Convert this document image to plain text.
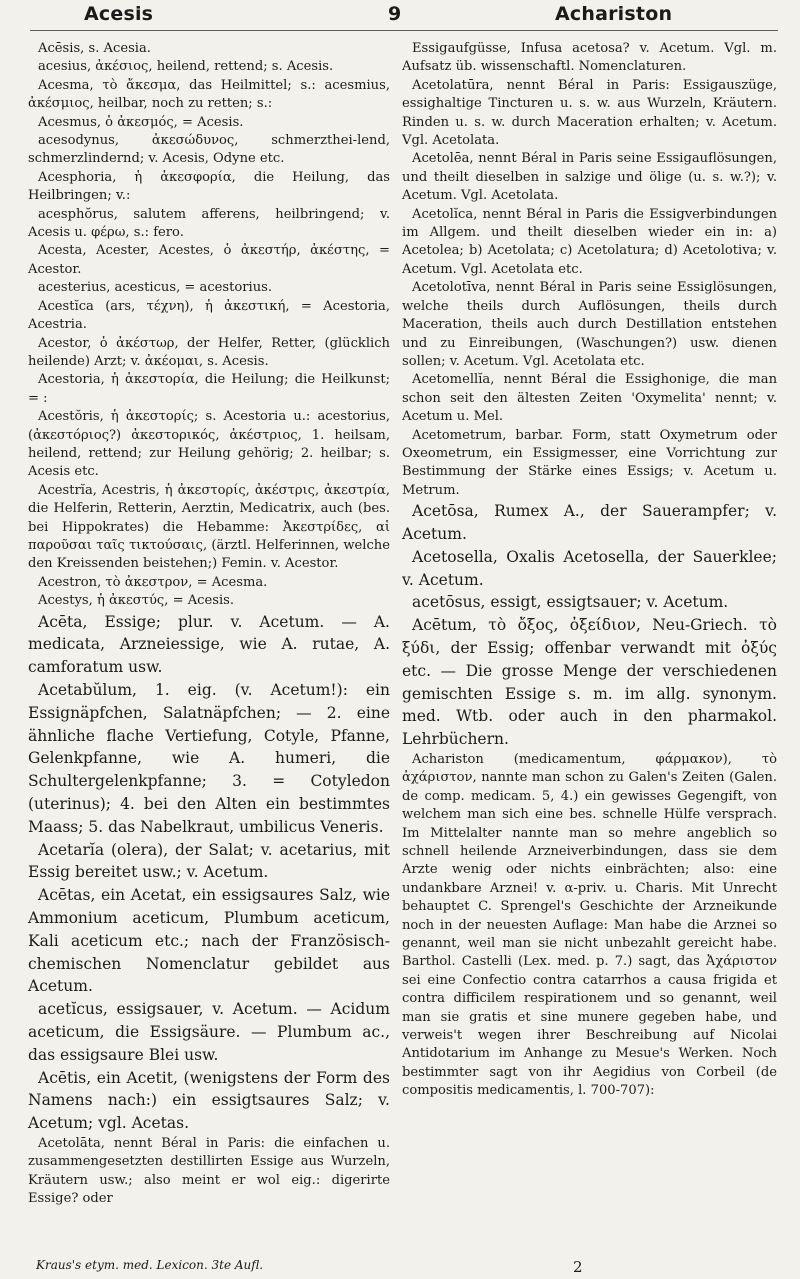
Acesis	9	Achariston

Acēsis, s. Acesia.

acesius, ἀκέσιος, heilend, rettend; s. Acesis.

Acesma, τὸ ἄκεσμα, das Heilmittel; s.: acesmius, ἀκέσμιος, heilbar, noch zu retten; s.:

Acesmus, ὁ ἀκεσμός, = Acesis.

acesodynus, ἀκεσώδυνος, schmerzthei-lend, schmerzlindernd; v. Acesis, Odyne etc.

Acesphoria, ἡ ἀκεσφορία, die Heilung, das Heilbringen; v.:

acesphŏrus, salutem afferens, heilbringend; v. Acesis u. φέρω, s.: fero.

Acesta, Acester, Acestes, ὁ ἀκεστήρ, ἀκέστης, = Acestor.

acesterius, acesticus, = acestorius.

Acestĭca (ars, τέχνη), ἡ ἀκεστική, = Acestoria, Acestria.

Acestor, ὁ ἀκέστωρ, der Helfer, Retter, (glücklich heilende) Arzt; v. ἀκέομαι, s. Acesis.

Acestoria, ἡ ἀκεστορία, die Heilung; die Heilkunst; = :

Acestŏris, ἡ ἀκεστορίς; s. Acestoria u.: acestorius, (ἀκεστόριος?) ἀκεστορικός, ἀκέστριος, 1. heilsam, heilend, rettend; zur Heilung gehörig; 2. heilbar; s. Acesis etc.

Acestrĭa, Acestris, ἡ ἀκεστορίς, ἀκέστρις, ἀκεστρία, die Helferin, Retterin, Aerztin, Medicatrix, auch (bes. bei Hippokrates) die Hebamme: Ἀκεστρίδες, αἱ παροῦσαι ταῖς τικτούσαις, (ärztl. Helferinnen, welche den Kreissenden beistehen;) Femin. v. Acestor.

Acestron, τὸ ἀκεστρον, = Acesma.

Acestys, ἡ ἀκεστύς, = Acesis.

Acēta, Essige; plur. v. Acetum. — A. medicata, Arzneiessige, wie A. rutae, A. camforatum usw.

Acetabŭlum, 1. eig. (v. Acetum!): ein Essignäpfchen, Salatnäpfchen; — 2. eine ähnliche flache Vertiefung, Cotyle, Pfanne, Gelenkpfanne, wie A. humeri, die Schultergelenkpfanne; 3. = Cotyledon (uterinus); 4. bei den Alten ein bestimmtes Maass; 5. das Nabelkraut, umbilicus Veneris.

Acetarĭa (olera), der Salat; v. acetarius, mit Essig bereitet usw.; v. Acetum.

Acētas, ein Acetat, ein essigsaures Salz, wie Ammonium aceticum, Plumbum aceticum, Kali aceticum etc.; nach der Französisch-chemischen Nomenclatur gebildet aus Acetum.

acetĭcus, essigsauer, v. Acetum. — Acidum aceticum, die Essigsäure. — Plumbum ac., das essigsaure Blei usw.

Acētis, ein Acetit, (wenigstens der Form des Namens nach:) ein essigtsaures Salz; v. Acetum; vgl. Acetas.

Acetolāta, nennt Béral in Paris: die einfachen u. zusammengesetzten destillirten Essige aus Wurzeln, Kräutern usw.; also meint er wol eig.: digerirte Essige? oder

Essigaufgüsse, Infusa acetosa? v. Acetum. Vgl. m. Aufsatz üb. wissenschaftl. Nomenclaturen.

Acetolatūra, nennt Béral in Paris: Essigauszüge, essighaltige Tincturen u. s. w. aus Wurzeln, Kräutern. Rinden u. s. w. durch Maceration erhalten; v. Acetum. Vgl. Acetolata.

Acetolēa, nennt Béral in Paris seine Essigauflösungen, und theilt dieselben in salzige und ölige (u. s. w.?); v. Acetum. Vgl. Acetolata.

Acetolĭca, nennt Béral in Paris die Essigverbindungen im Allgem. und theilt dieselben wieder ein in: a) Acetolea; b) Acetolata; c) Acetolatura; d) Acetolotiva; v. Acetum. Vgl. Acetolata etc.

Acetolotīva, nennt Béral in Paris seine Essiglösungen, welche theils durch Auflösungen, theils durch Maceration, theils auch durch Destillation entstehen und zu Einreibungen, (Waschungen?) usw. dienen sollen; v. Acetum. Vgl. Acetolata etc.

Acetomellĭa, nennt Béral die Essighonige, die man schon seit den ältesten Zeiten 'Oxymelita' nennt; v. Acetum u. Mel.

Acetometrum, barbar. Form, statt Oxymetrum oder Oxeometrum, ein Essigmesser, eine Vorrichtung zur Bestimmung der Stärke eines Essigs; v. Acetum u. Metrum.

Acetōsa, Rumex A., der Sauerampfer; v. Acetum.

Acetosella, Oxalis Acetosella, der Sauerklee; v. Acetum.

acetōsus, essigt, essigtsauer; v. Acetum.

Acētum, τὸ ὄξος, ὀξείδιον, Neu-Griech. τὸ ξύδι, der Essig; offenbar verwandt mit ὀξύς etc. — Die grosse Menge der verschiedenen gemischten Essige s. m. im allg. synonym. med. Wtb. oder auch in den pharmakol. Lehrbüchern.

Achariston (medicamentum, φάρμακον), τὸ ἀχάριστον, nannte man schon zu Galen's Zeiten (Galen. de comp. medicam. 5, 4.) ein gewisses Gegengift, von welchem man sich eine bes. schnelle Hülfe versprach. Im Mittelalter nannte man so mehre angeblich so schnell heilende Arzneiverbindungen, dass sie dem Arzte wenig oder nichts einbrächten; also: eine undankbare Arznei! v. α-priv. u. Charis. Mit Unrecht behauptet C. Sprengel's Geschichte der Arzneikunde noch in der neuesten Auflage: Man habe die Arznei so genannt, weil man sie nicht unbezahlt gereicht habe. Barthol. Castelli (Lex. med. p. 7.) sagt, das Ἀχάριστον sei eine Confectio contra catarrhos a causa frigida et contra difficilem respirationem und so genannt, weil man sie gratis et sine munere gegeben habe, und verweis't wegen ihrer Beschreibung auf Nicolai Antidotarium im Anhange zu Mesue's Werken. Noch bestimmter sagt von ihr Aegidius von Corbeil (de compositis medicamentis, l. 700-707):

Kraus's etym. med. Lexicon. 3te Aufl.	2
